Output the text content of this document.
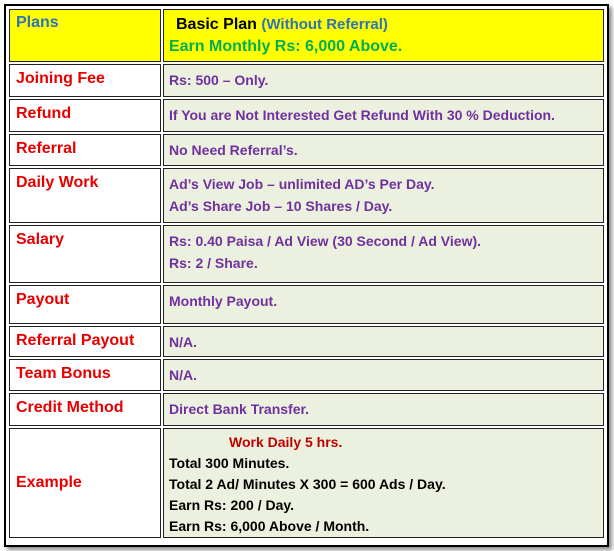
Plans	Basic Plan (Without Referral)
Earn Monthly Rs: 6,000 Above.

Joining Fee	Rs: 500 – Only.

Refund	If You are Not Interested Get Refund With 30 % Deduction.

Referral	No Need Referral’s.

Daily Work	Ad’s View Job – unlimited AD’s Per Day.
Ad’s Share Job – 10 Shares / Day.

Salary	Rs: 0.40 Paisa / Ad View (30 Second / Ad View).
Rs: 2 / Share.

Payout	Monthly Payout.

Referral Payout	N/A.

Team Bonus	N/A.

Credit Method	Direct Bank Transfer.

Example	Work Daily 5 hrs.
Total 300 Minutes.
Total 2 Ad/ Minutes X 300 = 600 Ads / Day.
Earn Rs: 200 / Day.
Earn Rs: 6,000 Above / Month.
